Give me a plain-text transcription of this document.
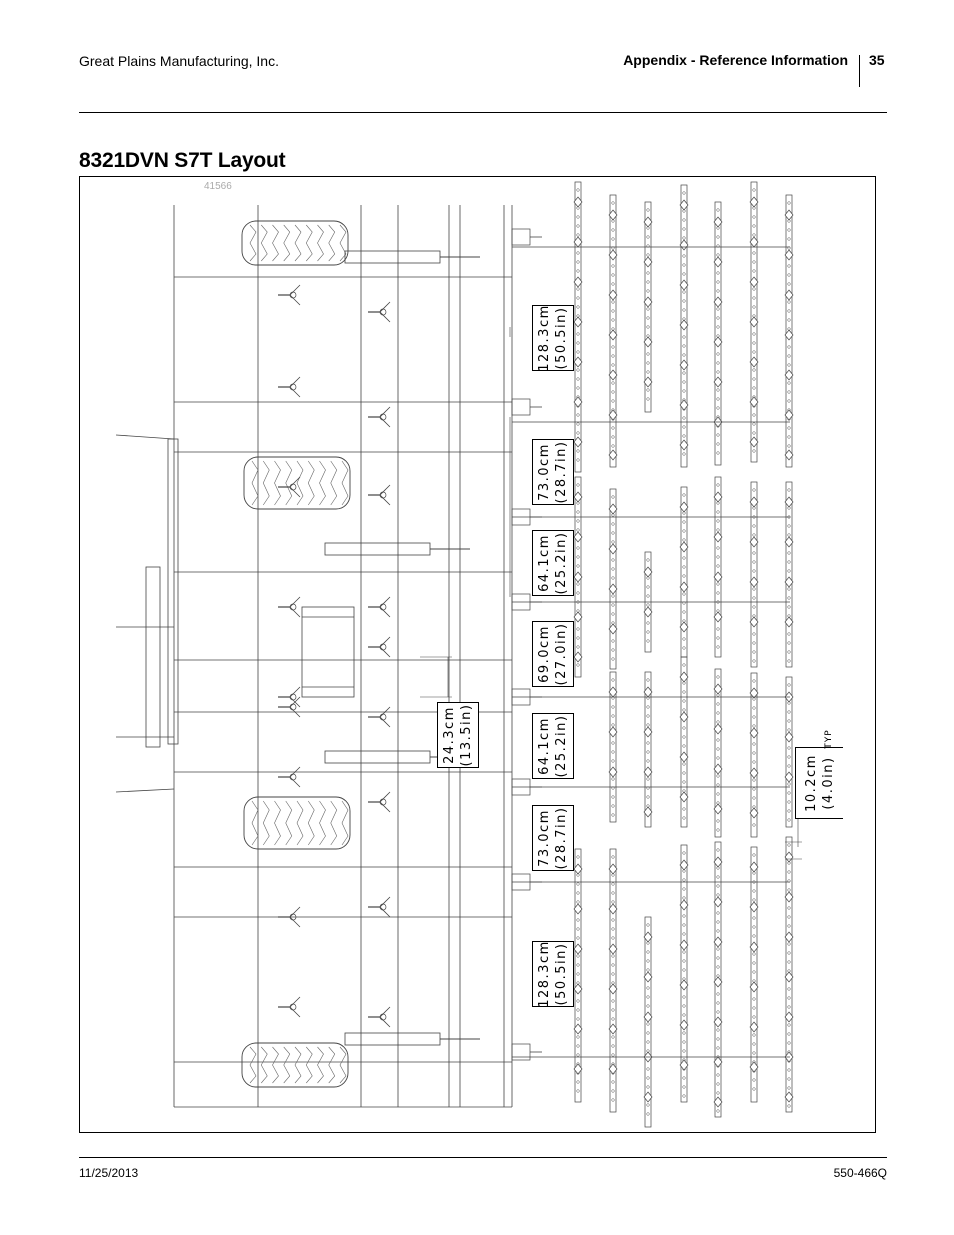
Great Plains Manufacturing, Inc.	Appendix - Reference Information 35
8321DVN S7T Layout
41566
128.3cm (50.5in)
73.0cm (28.7in)
64.1cm (25.2in)
69.0cm (27.0in)
24.3cm (13.5in)	64.1cm (25.2in)
73.0cm (28.7in)
128.3cm (50.5in)
10.2cm (4.0in)
TYP
11/25/2013	550-466Q
